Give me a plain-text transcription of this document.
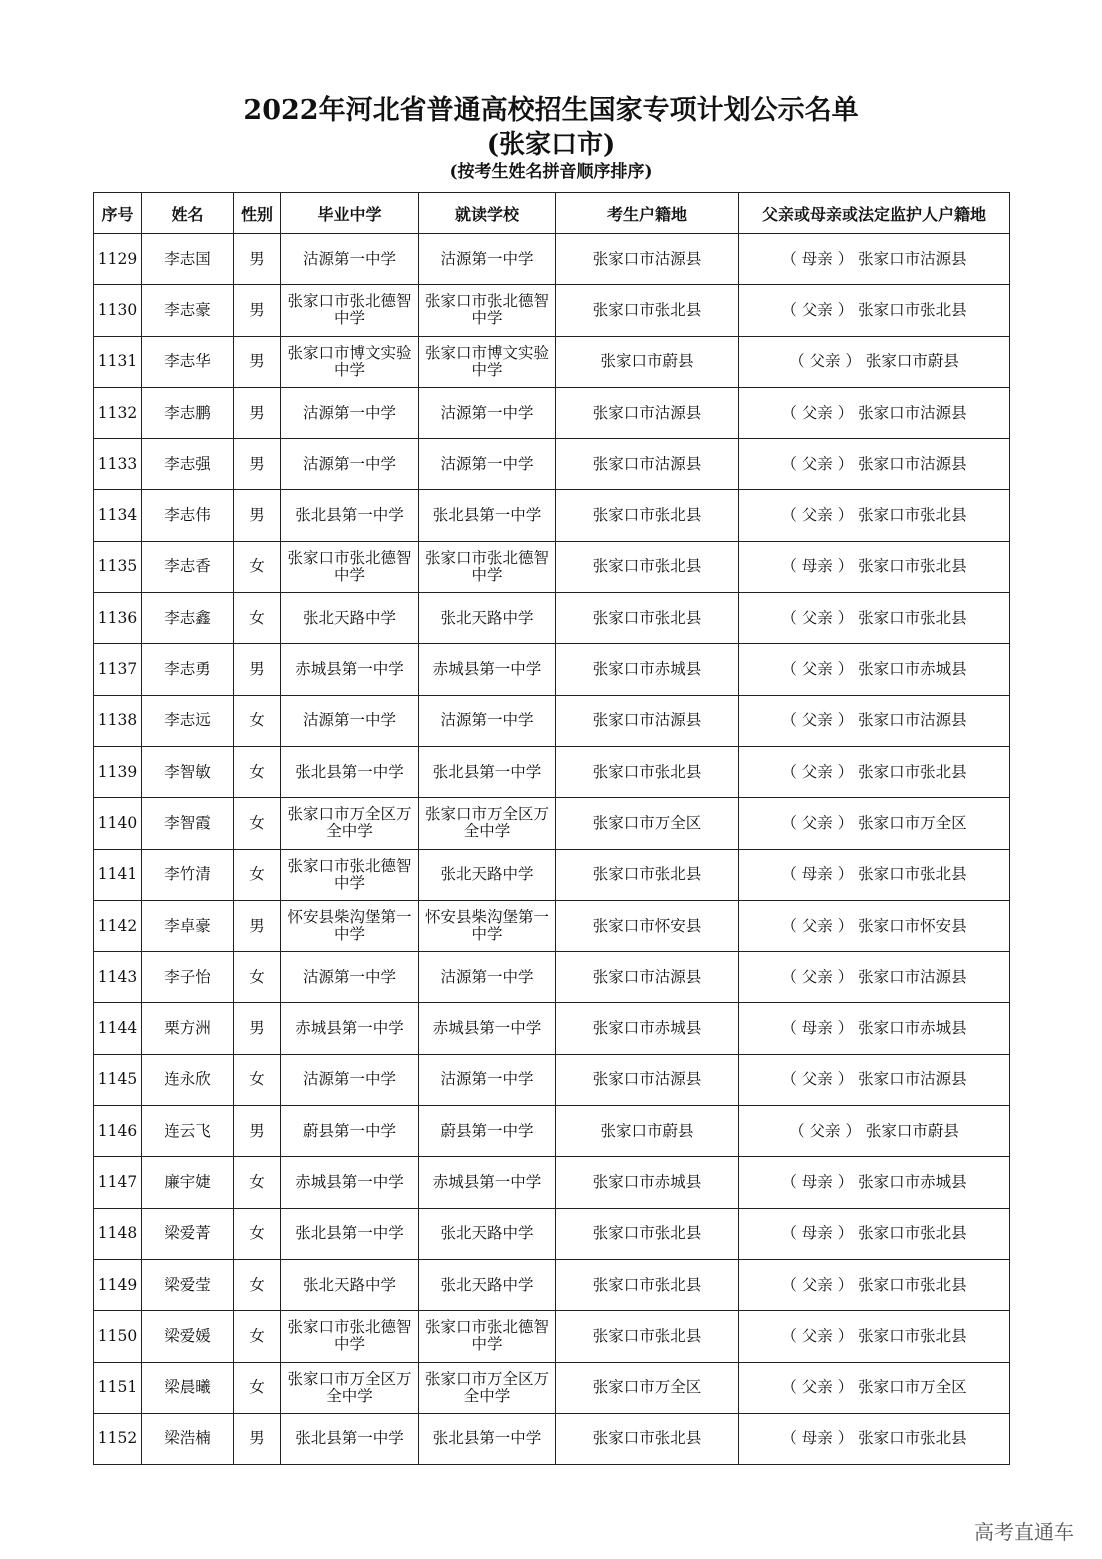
2022年河北省普通高校招生国家专项计划公示名单
(张家口市)
(按考生姓名拼音顺序排序)
序号	姓名	性别	毕业中学	就读学校	考生户籍地	父亲或母亲或法定监护人户籍地
1129	李志国	男	沽源第一中学	沽源第一中学	张家口市沽源县	（ 母亲 ） 张家口市沽源县
1130	李志豪	男	张家口市张北德智中学	张家口市张北德智中学	张家口市张北县	（ 父亲 ） 张家口市张北县
1131	李志华	男	张家口市博文实验中学	张家口市博文实验中学	张家口市蔚县	（ 父亲 ） 张家口市蔚县
1132	李志鹏	男	沽源第一中学	沽源第一中学	张家口市沽源县	（ 父亲 ） 张家口市沽源县
1133	李志强	男	沽源第一中学	沽源第一中学	张家口市沽源县	（ 父亲 ） 张家口市沽源县
1134	李志伟	男	张北县第一中学	张北县第一中学	张家口市张北县	（ 父亲 ） 张家口市张北县
1135	李志香	女	张家口市张北德智中学	张家口市张北德智中学	张家口市张北县	（ 母亲 ） 张家口市张北县
1136	李志鑫	女	张北天路中学	张北天路中学	张家口市张北县	（ 父亲 ） 张家口市张北县
1137	李志勇	男	赤城县第一中学	赤城县第一中学	张家口市赤城县	（ 父亲 ） 张家口市赤城县
1138	李志远	女	沽源第一中学	沽源第一中学	张家口市沽源县	（ 父亲 ） 张家口市沽源县
1139	李智敏	女	张北县第一中学	张北县第一中学	张家口市张北县	（ 父亲 ） 张家口市张北县
1140	李智霞	女	张家口市万全区万全中学	张家口市万全区万全中学	张家口市万全区	（ 父亲 ） 张家口市万全区
1141	李竹清	女	张家口市张北德智中学	张北天路中学	张家口市张北县	（ 母亲 ） 张家口市张北县
1142	李卓豪	男	怀安县柴沟堡第一中学	怀安县柴沟堡第一中学	张家口市怀安县	（ 父亲 ） 张家口市怀安县
1143	李子怡	女	沽源第一中学	沽源第一中学	张家口市沽源县	（ 父亲 ） 张家口市沽源县
1144	栗方洲	男	赤城县第一中学	赤城县第一中学	张家口市赤城县	（ 母亲 ） 张家口市赤城县
1145	连永欣	女	沽源第一中学	沽源第一中学	张家口市沽源县	（ 父亲 ） 张家口市沽源县
1146	连云飞	男	蔚县第一中学	蔚县第一中学	张家口市蔚县	（ 父亲 ） 张家口市蔚县
1147	廉宇婕	女	赤城县第一中学	赤城县第一中学	张家口市赤城县	（ 母亲 ） 张家口市赤城县
1148	梁爱菁	女	张北县第一中学	张北天路中学	张家口市张北县	（ 母亲 ） 张家口市张北县
1149	梁爱莹	女	张北天路中学	张北天路中学	张家口市张北县	（ 父亲 ） 张家口市张北县
1150	梁爱媛	女	张家口市张北德智中学	张家口市张北德智中学	张家口市张北县	（ 父亲 ） 张家口市张北县
1151	梁晨曦	女	张家口市万全区万全中学	张家口市万全区万全中学	张家口市万全区	（ 父亲 ） 张家口市万全区
1152	梁浩楠	男	张北县第一中学	张北县第一中学	张家口市张北县	（ 母亲 ） 张家口市张北县
高考直通车
